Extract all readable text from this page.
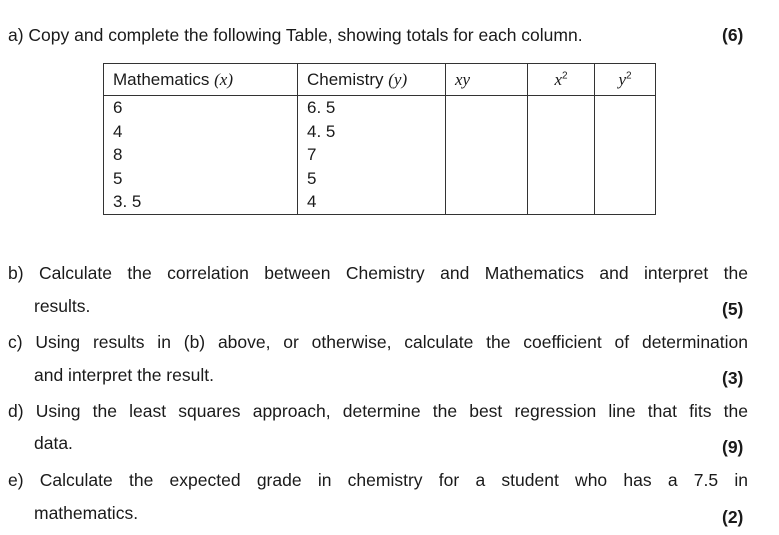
a) Copy and complete the following Table, showing totals for each column.	(6)
Mathematics (x)	Chemistry (y)	xy	$x^2$	$y^2$
6	6. 5			
4	4. 5			
8	7			
5	5			
3. 5	4			
b) Calculate the correlation between Chemistry and Mathematics and interpret the
results.	(5)
c) Using results in (b) above, or otherwise, calculate the coefficient of determination
and interpret the result.	(3)
d) Using the least squares approach, determine the best regression line that fits the
data.	(9)
e) Calculate the expected grade in chemistry for a student who has a 7.5 in
mathematics.	(2)
